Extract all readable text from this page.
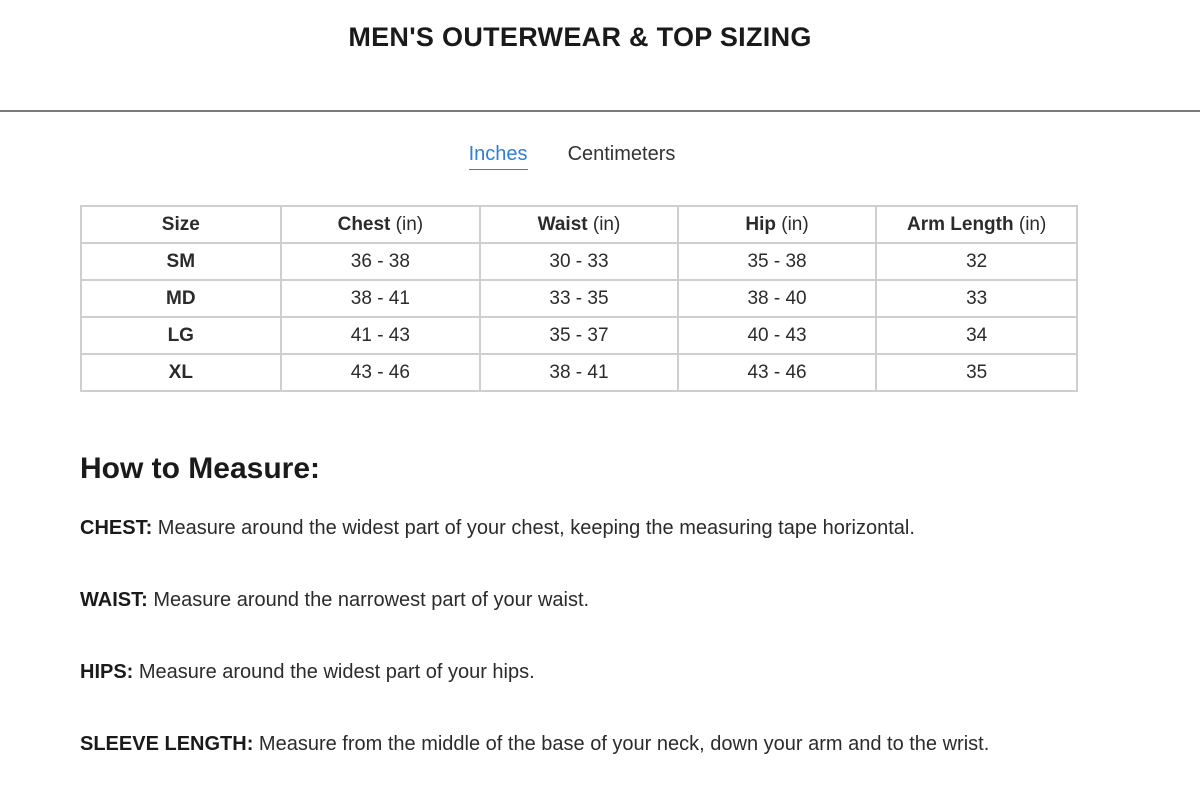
MEN'S OUTERWEAR & TOP SIZING
Inches Centimeters
Size	Chest (in)	Waist (in)	Hip (in)	Arm Length (in)
SM	36 - 38	30 - 33	35 - 38	32
MD	38 - 41	33 - 35	38 - 40	33
LG	41 - 43	35 - 37	40 - 43	34
XL	43 - 46	38 - 41	43 - 46	35
How to Measure:

CHEST: Measure around the widest part of your chest, keeping the measuring tape horizontal.

WAIST: Measure around the narrowest part of your waist.

HIPS: Measure around the widest part of your hips.

SLEEVE LENGTH: Measure from the middle of the base of your neck, down your arm and to the wrist.
